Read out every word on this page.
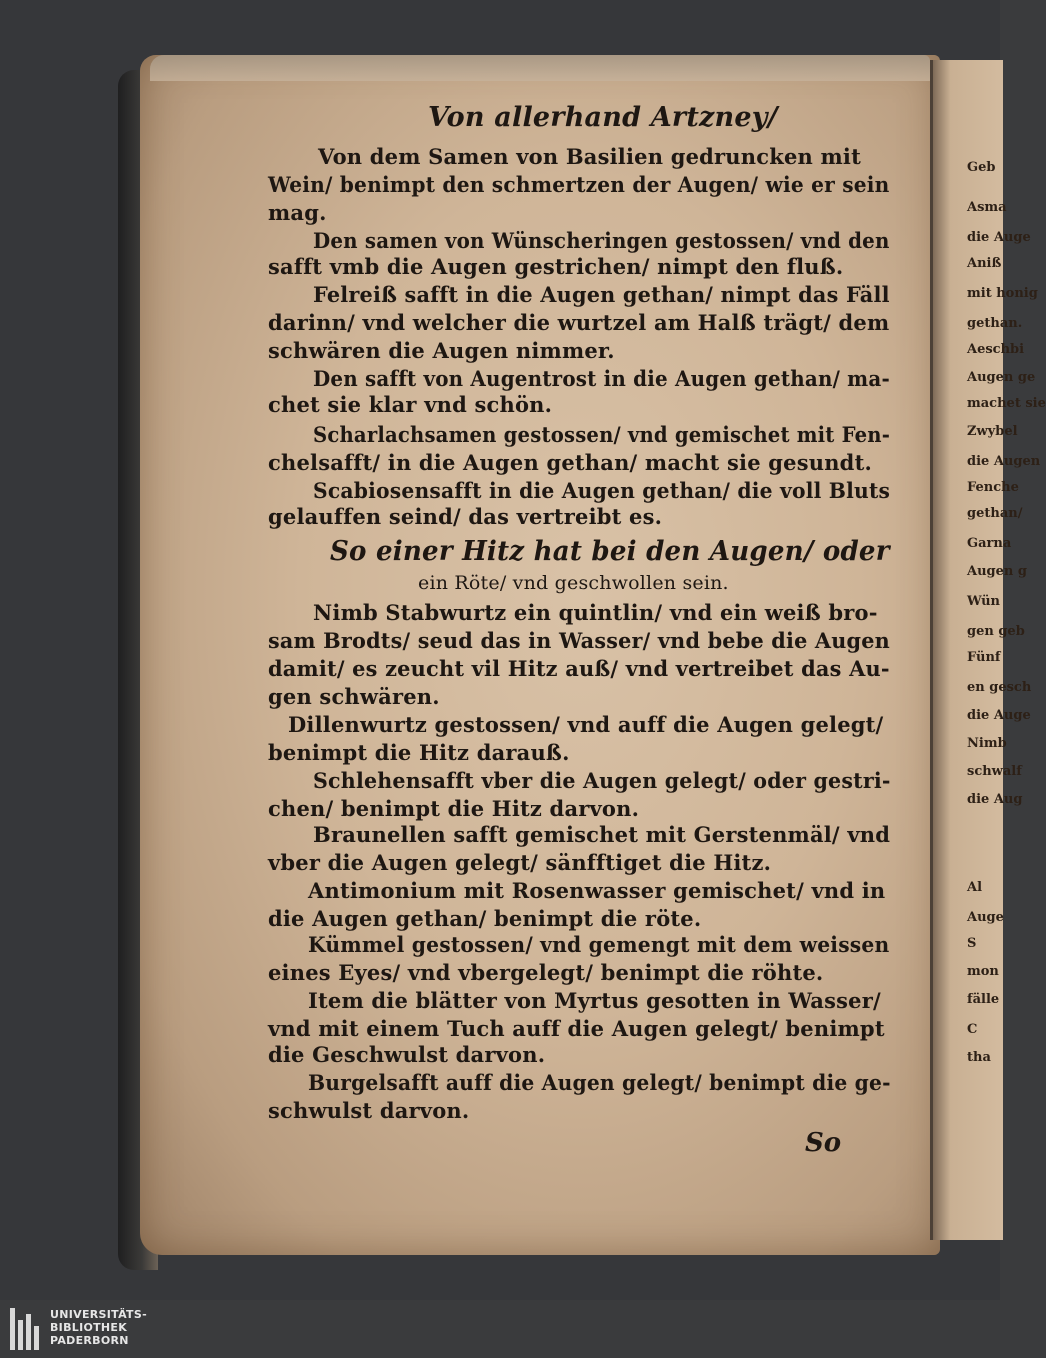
Geb
Asma
die Auge
Aniß
mit honig
gethan.
Aeschbi
Augen ge
machet sie
Zwybel
die Augen
Fenche
gethan/
Garna
Augen g
Wün
gen geb
Fünf
en gesch
die Auge
Nimb
schwalf
die Aug
Al
Auge
S
mon
fälle
C
tha
Von allerhand Artzney/
Von dem Samen von Basilien gedruncken mit
Wein/ benimpt den schmertzen der Augen/ wie er sein
mag.
Den samen von Wünscheringen gestossen/ vnd den
safft vmb die Augen gestrichen/ nimpt den fluß.
Felreiß safft in die Augen gethan/ nimpt das Fäll
darinn/ vnd welcher die wurtzel am Halß trägt/ dem
schwären die Augen nimmer.
Den safft von Augentrost in die Augen gethan/ ma-
chet sie klar vnd schön.
Scharlachsamen gestossen/ vnd gemischet mit Fen-
chelsafft/ in die Augen gethan/ macht sie gesundt.
Scabiosensafft in die Augen gethan/ die voll Bluts
gelauffen seind/ das vertreibt es.
So einer Hitz hat bei den Augen/ oder
ein Röte/ vnd geschwollen sein.
Nimb Stabwurtz ein quintlin/ vnd ein weiß bro-
sam Brodts/ seud das in Wasser/ vnd bebe die Augen
damit/ es zeucht vil Hitz auß/ vnd vertreibet das Au-
gen schwären.
Dillenwurtz gestossen/ vnd auff die Augen gelegt/
benimpt die Hitz darauß.
Schlehensafft vber die Augen gelegt/ oder gestri-
chen/ benimpt die Hitz darvon.
Braunellen safft gemischet mit Gerstenmäl/ vnd
vber die Augen gelegt/ sänfftiget die Hitz.
Antimonium mit Rosenwasser gemischet/ vnd in
die Augen gethan/ benimpt die röte.
Kümmel gestossen/ vnd gemengt mit dem weissen
eines Eyes/ vnd vbergelegt/ benimpt die röhte.
Item die blätter von Myrtus gesotten in Wasser/
vnd mit einem Tuch auff die Augen gelegt/ benimpt
die Geschwulst darvon.
Burgelsafft auff die Augen gelegt/ benimpt die ge-
schwulst darvon.
So
UNIVERSITÄTS-
BIBLIOTHEK
PADERBORN
